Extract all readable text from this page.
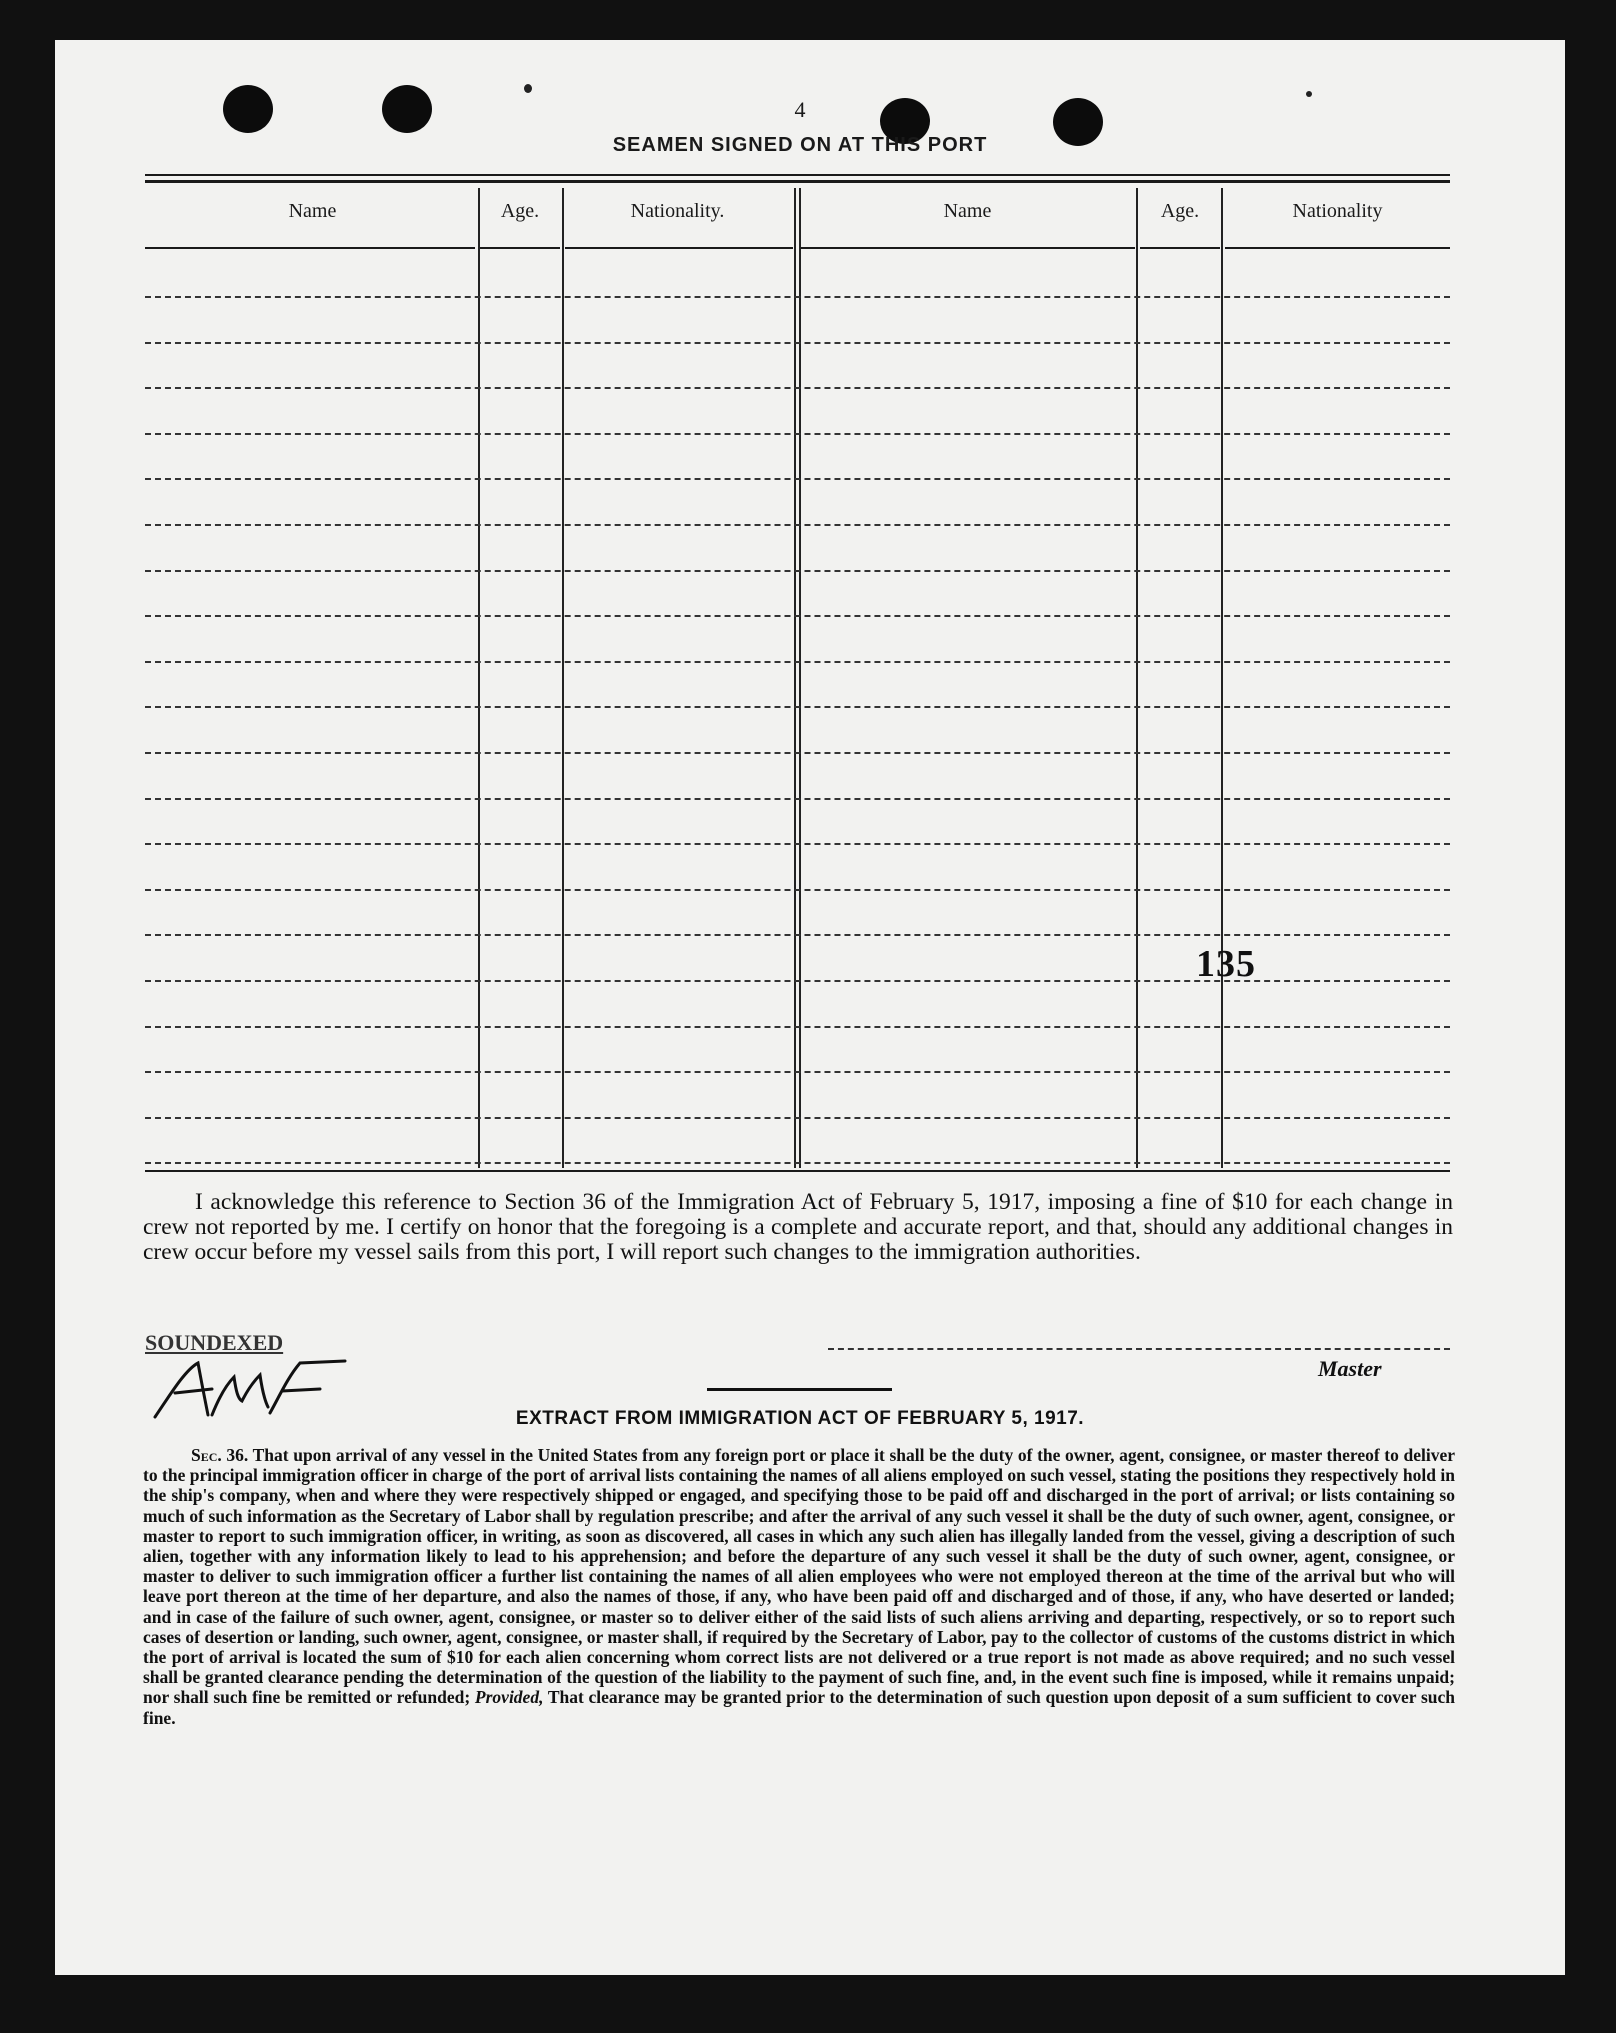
4
SEAMEN SIGNED ON AT THIS PORT
Name	Age.	Nationality.	Name	Age.	Nationality
135
I acknowledge this reference to Section 36 of the Immigration Act of February 5, 1917, imposing a fine of $10 for each change in crew not reported by me. I certify on honor that the foregoing is a complete and accurate report, and that, should any additional changes in crew occur before my vessel sails from this port, I will report such changes to the immigration authorities.
SOUNDEXED
Master
EXTRACT FROM IMMIGRATION ACT OF FEBRUARY 5, 1917.
Sec. 36. That upon arrival of any vessel in the United States from any foreign port or place it shall be the duty of the owner, agent, consignee, or master thereof to deliver to the principal immigration officer in charge of the port of arrival lists containing the names of all aliens employed on such vessel, stating the positions they respectively hold in the ship's company, when and where they were respectively shipped or engaged, and specifying those to be paid off and discharged in the port of arrival; or lists containing so much of such information as the Secretary of Labor shall by regulation prescribe; and after the arrival of any such vessel it shall be the duty of such owner, agent, consignee, or master to report to such immigration officer, in writing, as soon as discovered, all cases in which any such alien has illegally landed from the vessel, giving a description of such alien, together with any information likely to lead to his apprehension; and before the departure of any such vessel it shall be the duty of such owner, agent, consignee, or master to deliver to such immigration officer a further list containing the names of all alien employees who were not employed thereon at the time of the arrival but who will leave port thereon at the time of her departure, and also the names of those, if any, who have been paid off and discharged and of those, if any, who have deserted or landed; and in case of the failure of such owner, agent, consignee, or master so to deliver either of the said lists of such aliens arriving and departing, respectively, or so to report such cases of desertion or landing, such owner, agent, consignee, or master shall, if required by the Secretary of Labor, pay to the collector of customs of the customs district in which the port of arrival is located the sum of $10 for each alien concerning whom correct lists are not delivered or a true report is not made as above required; and no such vessel shall be granted clearance pending the determination of the question of the liability to the payment of such fine, and, in the event such fine is imposed, while it remains unpaid; nor shall such fine be remitted or refunded; Provided, That clearance may be granted prior to the determination of such question upon deposit of a sum sufficient to cover such fine.
